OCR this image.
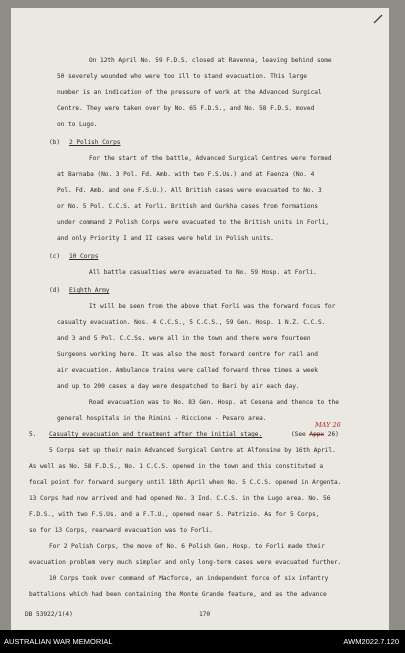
On 12th April No. 59 F.D.S. closed at Ravenna, leaving behind some
50 severely wounded who were too ill to stand evacuation. This large
number is an indication of the pressure of work at the Advanced Surgical
Centre. They were taken over by No. 65 F.D.S., and No. 58 F.D.S. moved
on to Lugo.
(b) 2 Polish Corps
For the start of the battle, Advanced Surgical Centres were formed
at Barnaba (No. 3 Pol. Fd. Amb. with two F.S.Us.) and at Faenza (No. 4
Pol. Fd. Amb. and one F.S.U.). All British cases were evacuated to No. 3
or No. 5 Pol. C.C.S. at Forli. British and Gurkha cases from formations
under command 2 Polish Corps were evacuated to the British units in Forli,
and only Priority I and II cases were held in Polish units.
(c) 10 Corps
All battle casualties were evacuated to No. 59 Hosp. at Forli.
(d) Eighth Army
It will be seen from the above that Forli was the forward focus for
casualty evacuation. Nos. 4 C.C.S., 5 C.C.S., 59 Gen. Hosp. 1 N.Z. C.C.S.
and 3 and 5 Pol. C.C.Ss. were all in the town and there were fourteen
Surgeons working here. It was also the most forward centre for rail and
air evacuation. Ambulance trains were called forward three times a week
and up to 200 cases a day were despatched to Bari by air each day.
Road evacuation was to No. 83 Gen. Hosp. at Cesena and thence to the
general hospitals in the Rimini - Riccione - Pesaro area.
5. Casualty evacuation and treatment after the initial stage.	(See Appx 26)
MAY 26
5 Corps set up their main Advanced Surgical Centre at Alfonsine by 16th April.
As well as No. 58 F.D.S., No. 1 C.C.S. opened in the town and this constituted a
focal point for forward surgery until 18th April when No. 5 C.C.S. opened in Argenta.
13 Corps had now arrived and had opened No. 3 Ind. C.C.S. in the Lugo area. No. 56
F.D.S., with two F.S.Us. and a F.T.U., opened near S. Patrizio. As for 5 Corps,
so for 13 Corps, rearward evacuation was to Forli.
For 2 Polish Corps, the move of No. 6 Polish Gen. Hosp. to Forli made their
evacuation problem very much simpler and only long-term cases were evacuated further.
10 Corps took over command of Macforce, an independent force of six infantry
battalions which had been containing the Monte Grande feature, and as the advance
DB 53922/1(4)	170
AUSTRALIAN WAR MEMORIAL	AWM2022.7.120
